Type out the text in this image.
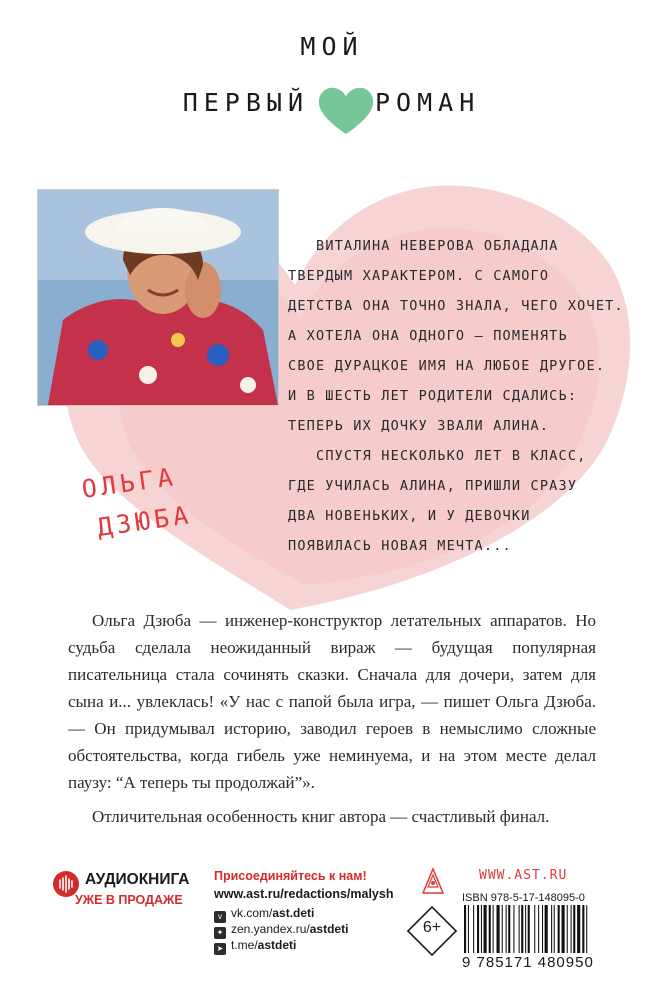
МОЙ
ПЕРВЫЙ	РОМАН
ОЛЬГА
ДЗЮБА
ВИТАЛИНА НЕВЕРОВА ОБЛАДАЛА
ТВЕРДЫМ ХАРАКТЕРОМ. С САМОГО
ДЕТСТВА ОНА ТОЧНО ЗНАЛА, ЧЕГО ХОЧЕТ.
А ХОТЕЛА ОНА ОДНОГО — ПОМЕНЯТЬ
СВОЕ ДУРАЦКОЕ ИМЯ НА ЛЮБОЕ ДРУГОЕ.
И В ШЕСТЬ ЛЕТ РОДИТЕЛИ СДАЛИСЬ:
ТЕПЕРЬ ИХ ДОЧКУ ЗВАЛИ АЛИНА.
СПУСТЯ НЕСКОЛЬКО ЛЕТ В КЛАСС,
ГДЕ УЧИЛАСЬ АЛИНА, ПРИШЛИ СРАЗУ
ДВА НОВЕНЬКИХ, И У ДЕВОЧКИ
ПОЯВИЛАСЬ НОВАЯ МЕЧТА...

Ольга Дзюба — инженер-конструктор летательных аппаратов. Но судьба сделала неожиданный вираж — будущая популярная писательница стала сочинять сказки. Сначала для дочери, затем для сына и... увлеклась! «У нас с папой была игра, — пишет Ольга Дзюба. — Он придумывал историю, заводил героев в немыслимо сложные обстоятельства, когда гибель уже неминуема, и на этом месте делал паузу: “А теперь ты продолжай”».

Отличительная особенность книг автора — счастливый финал.

АУДИОКНИГА
УЖЕ В ПРОДАЖЕ
Присоединяйтесь к нам!
www.ast.ru/redactions/malysh
v vk.com/ast.deti
✦ zen.yandex.ru/astdeti
➤ t.me/astdeti
6+
WWW.AST.RU
ISBN 978-5-17-148095-0
9 785171 480950
